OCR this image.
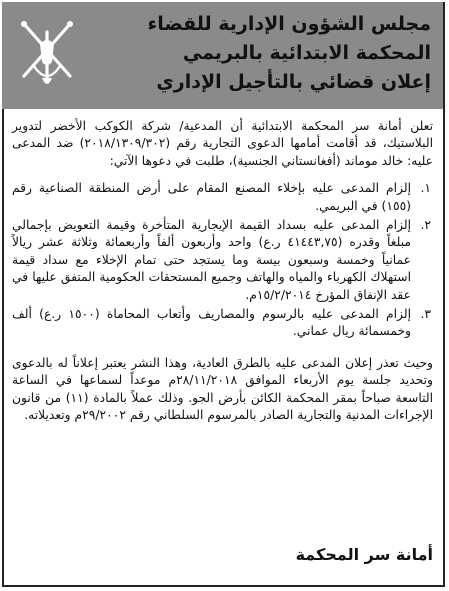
مجلس الشؤون الإدارية للقضاء
المحكمة الابتدائية بالبريمي
إعلان قضائي بالتأجيل الإداري

تعلن أمانة سر المحكمة الابتدائية أن المدعية/ شركة الكوكب الأخضر لتدوير البلاستيك، قد أقامت أمامها الدعوى التجارية رقم (٢٠١٨/١٣٠٩/٣٠٢) ضد المدعى عليه: خالد موماند (أفغانستاني الجنسية)، طلبت في دعوها الآتي:

١.
إلزام المدعى عليه بإخلاء المصنع المقام على أرض المنطقة الصناعية رقم (١٥٥) في البريمي.
٢.
إلزام المدعى عليه بسداد القيمة الإيجارية المتأخرة وقيمة التعويض بإجمالي مبلغاً وقدره (٤١٤٤٣,٧٥ ر.ع) واحد وأربعون ألفاً وأربعمائة وثلاثة عشر ريالاً عمانياً وخمسة وسبعون بيسة وما يستجد حتى تمام الإخلاء مع سداد قيمة استهلاك الكهرباء والمياه والهاتف وجميع المستحقات الحكومية المتفق عليها في عقد الإنفاق المؤرخ ١٥/٢/٢٠١٤م.
٣.
إلزام المدعى عليه بالرسوم والمصاريف وأتعاب المحاماة (١٥٠٠ ر.ع) ألف وخمسمائة ريال عماني.

وحيث تعذر إعلان المدعى عليه بالطرق العادية، وهذا النشر يعتبر إعلاناً له بالدعوى وتحديد جلسة يوم الأربعاء الموافق ٢٨/١١/٢٠١٨م موعداً لسماعها في الساعة التاسعة صباحاً بمقر المحكمة الكائن بأرض الجو. وذلك عملاً بالمادة (١١) من قانون الإجراءات المدنية والتجارية الصادر بالمرسوم السلطاني رقم ٢٩/٢٠٠٢م وتعديلاته.

أمانة سر المحكمة
